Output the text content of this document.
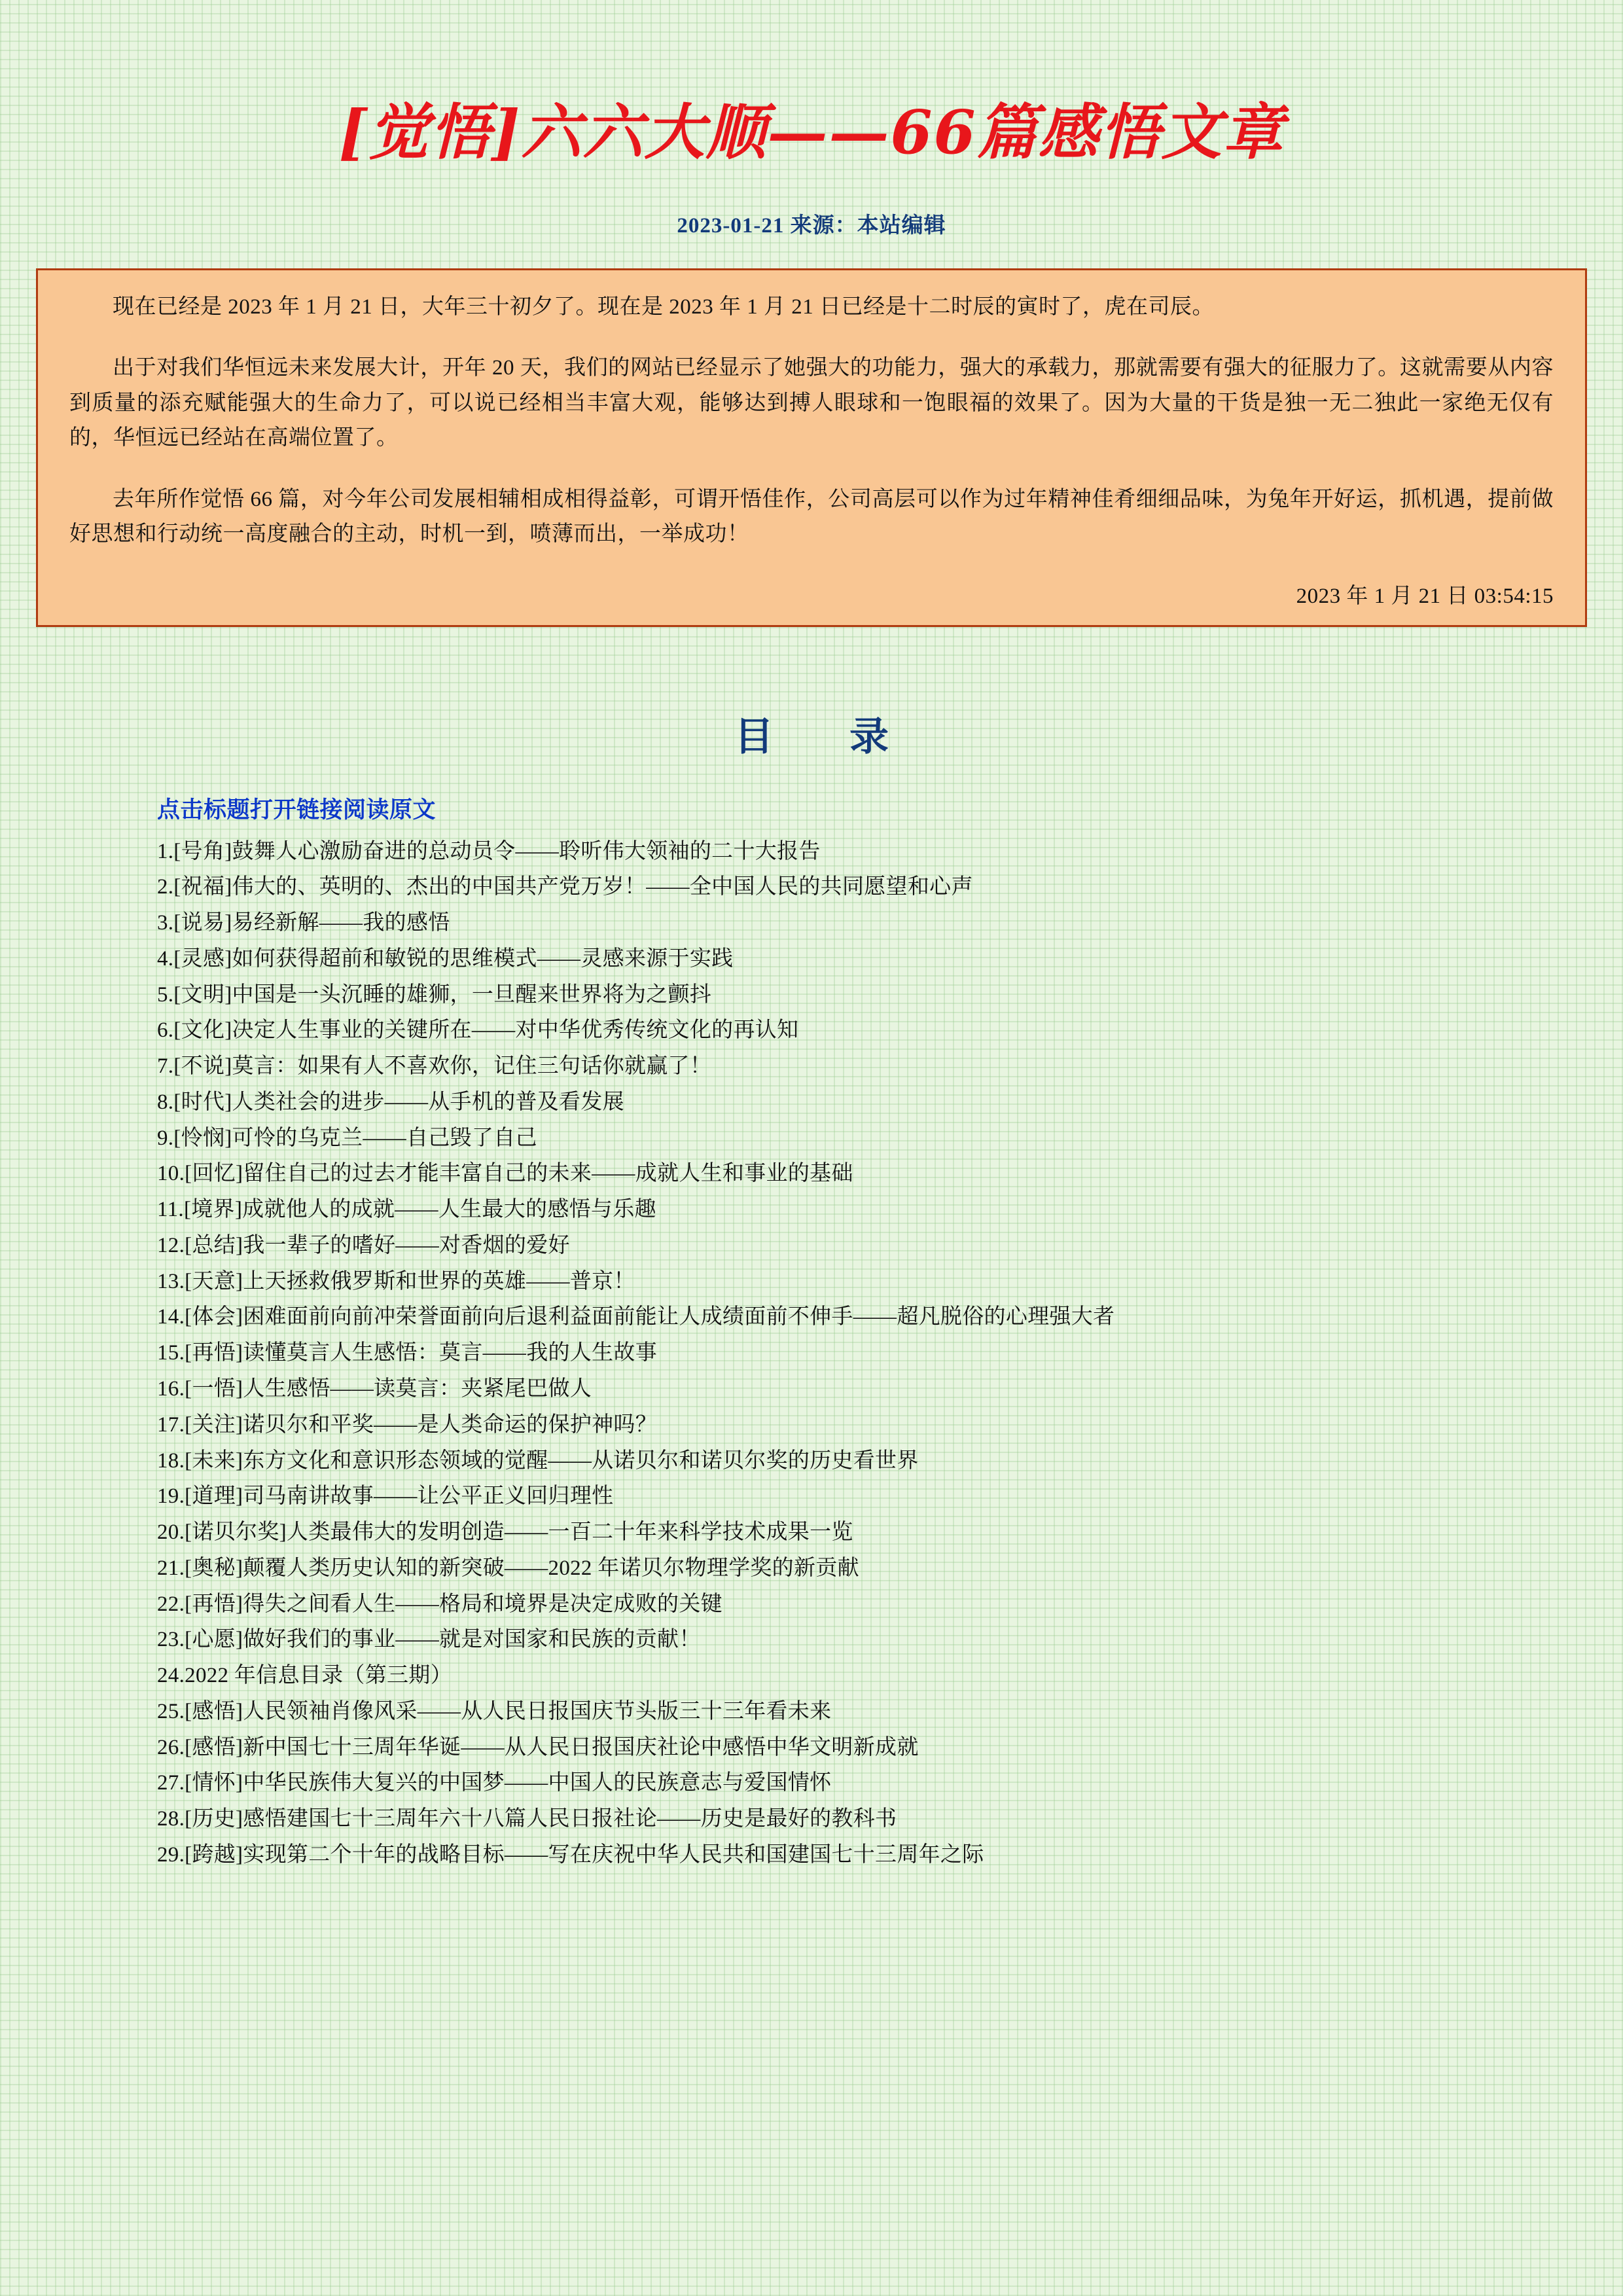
[觉悟]六六大顺——66篇感悟文章
2023-01-21 来源：本站编辑

现在已经是 2023 年 1 月 21 日，大年三十初夕了。现在是 2023 年 1 月 21 日已经是十二时辰的寅时了，虎在司辰。

出于对我们华恒远未来发展大计，开年 20 天，我们的网站已经显示了她强大的功能力，强大的承载力，那就需要有强大的征服力了。这就需要从内容到质量的添充赋能强大的生命力了，可以说已经相当丰富大观，能够达到搏人眼球和一饱眼福的效果了。因为大量的干货是独一无二独此一家绝无仅有的，华恒远已经站在高端位置了。

去年所作觉悟 66 篇，对今年公司发展相辅相成相得益彰，可谓开悟佳作，公司高层可以作为过年精神佳肴细细品味，为兔年开好运，抓机遇，提前做好思想和行动统一高度融合的主动，时机一到，喷薄而出，一举成功！

2023 年 1 月 21 日 03:54:15
目　录
点击标题打开链接阅读原文
1.[号角]鼓舞人心激励奋进的总动员令——聆听伟大领袖的二十大报告
2.[祝福]伟大的、英明的、杰出的中国共产党万岁！——全中国人民的共同愿望和心声
3.[说易]易经新解——我的感悟
4.[灵感]如何获得超前和敏锐的思维模式——灵感来源于实践
5.[文明]中国是一头沉睡的雄狮，一旦醒来世界将为之颤抖
6.[文化]决定人生事业的关键所在——对中华优秀传统文化的再认知
7.[不说]莫言：如果有人不喜欢你，记住三句话你就赢了！
8.[时代]人类社会的进步——从手机的普及看发展
9.[怜悯]可怜的乌克兰——自己毁了自己
10.[回忆]留住自己的过去才能丰富自己的未来——成就人生和事业的基础
11.[境界]成就他人的成就——人生最大的感悟与乐趣
12.[总结]我一辈子的嗜好——对香烟的爱好
13.[天意]上天拯救俄罗斯和世界的英雄——普京！
14.[体会]困难面前向前冲荣誉面前向后退利益面前能让人成绩面前不伸手——超凡脱俗的心理强大者
15.[再悟]读懂莫言人生感悟：莫言——我的人生故事
16.[一悟]人生感悟——读莫言：夹紧尾巴做人
17.[关注]诺贝尔和平奖——是人类命运的保护神吗？
18.[未来]东方文化和意识形态领域的觉醒——从诺贝尔和诺贝尔奖的历史看世界
19.[道理]司马南讲故事——让公平正义回归理性
20.[诺贝尔奖]人类最伟大的发明创造——一百二十年来科学技术成果一览
21.[奥秘]颠覆人类历史认知的新突破——2022 年诺贝尔物理学奖的新贡献
22.[再悟]得失之间看人生——格局和境界是决定成败的关键
23.[心愿]做好我们的事业——就是对国家和民族的贡献！
24.2022 年信息目录（第三期）
25.[感悟]人民领袖肖像风采——从人民日报国庆节头版三十三年看未来
26.[感悟]新中国七十三周年华诞——从人民日报国庆社论中感悟中华文明新成就
27.[情怀]中华民族伟大复兴的中国梦——中国人的民族意志与爱国情怀
28.[历史]感悟建国七十三周年六十八篇人民日报社论——历史是最好的教科书
29.[跨越]实现第二个十年的战略目标——写在庆祝中华人民共和国建国七十三周年之际
